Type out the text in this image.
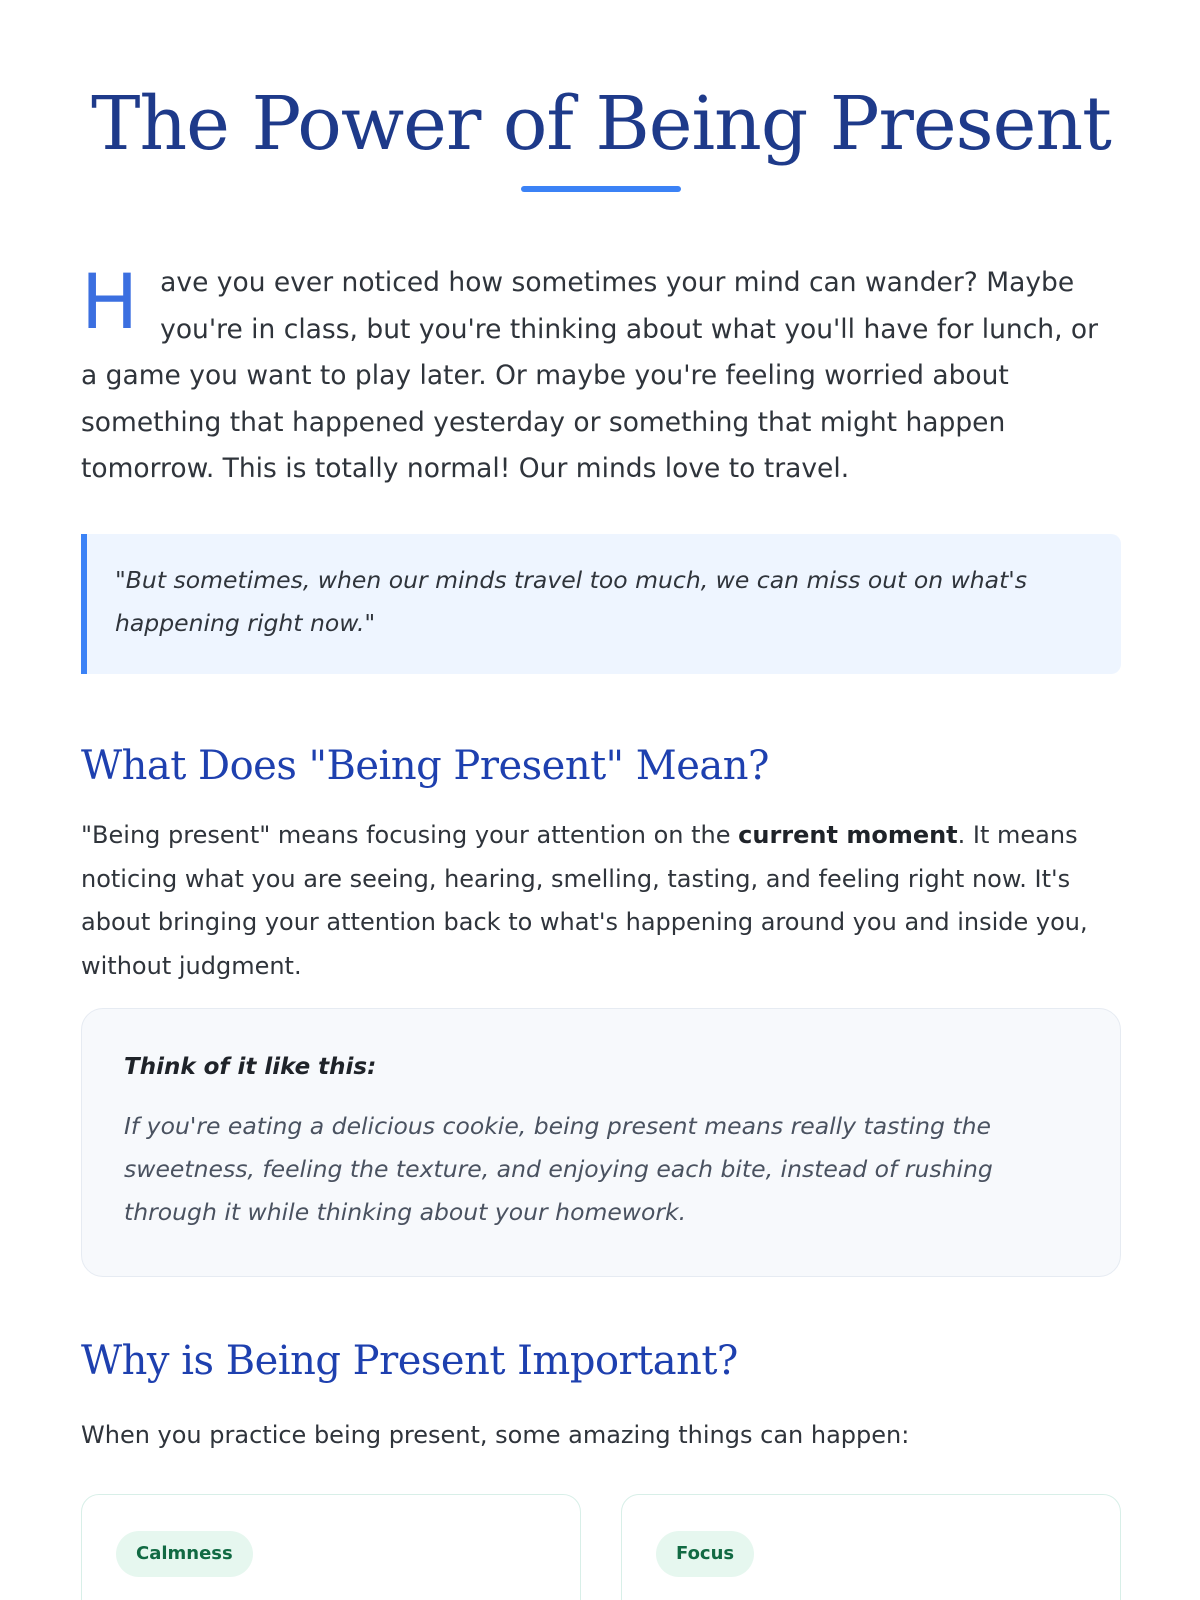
The Power of Being Present

Have you ever noticed how sometimes your mind can wander? Maybe you're in class, but you're thinking about what you'll have for lunch, or a game you want to play later. Or maybe you're feeling worried about something that happened yesterday or something that might happen tomorrow. This is totally normal! Our minds love to travel.

"But sometimes, when our minds travel too much, we can miss out on what's happening right now."
What Does "Being Present" Mean?

"Being present" means focusing your attention on the current moment. It means noticing what you are seeing, hearing, smelling, tasting, and feeling right now. It's about bringing your attention back to what's happening around you and inside you, without judgment.

Think of it like this:

If you're eating a delicious cookie, being present means really tasting the sweetness, feeling the texture, and enjoying each bite, instead of rushing through it while thinking about your homework.

Why is Being Present Important?

When you practice being present, some amazing things can happen:

Calmness	Focus
